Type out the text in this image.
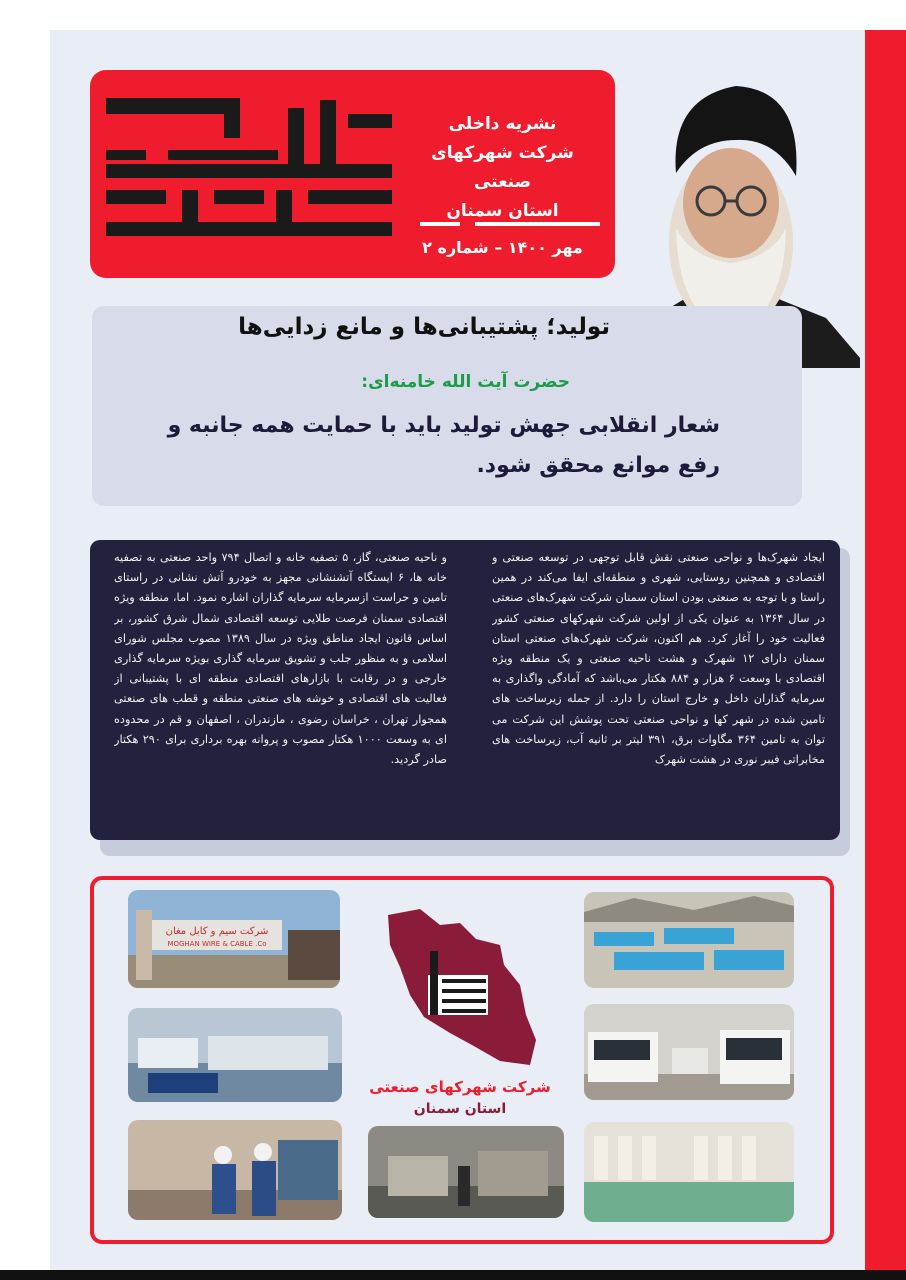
آفتاب
توسعه
نشریه داخلی
شرکت شهرکهای صنعتی
استان سمنان
مهر ۱۴۰۰ – شماره ۲
تولید؛ پشتیبانی‌ها و مانع زدایی‌ها
حضرت آیت الله خامنه‌ای:
شعار انقلابی جهش تولید باید با حمایت همه جانبه و رفع موانع محقق شود.
ایجاد شهرک‌ها و نواحی صنعتی نقش قابل توجهی در توسعه صنعتی و اقتصادی و همچنین روستایی، شهری و منطقه‌ای ایفا می‌کند در همین راستا و با توجه به صنعتی بودن استان سمنان شرکت شهرک‌های صنعتی در سال ۱۳۶۴ به عنوان یکی از اولین شرکت شهرکهای صنعتی کشور فعالیت خود را آغاز کرد. هم اکنون، شرکت شهرک‌های صنعتی استان سمنان دارای ۱۲ شهرک و هشت ناحیه صنعتی و یک منطقه ویژه اقتصادی با وسعت ۶ هزار و ۸۸۴ هکتار می‌باشد که آمادگی واگذاری به سرمایه گذاران داخل و خارج استان را دارد. از جمله زیرساخت های تامین شده در شهر کها و نواحی صنعتی تحت پوشش این شرکت می توان به تامین ۳۶۴ مگاوات برق، ۳۹۱ لیتر بر ثانیه آب، زیرساخت های مخابراتی فیبر نوری در هشت شهرک
و ناحیه صنعتی، گاز، ۵ تصفیه خانه و اتصال ۷۹۴ واحد صنعتی به تصفیه خانه ها، ۶ ایستگاه آتشنشانی مجهز به خودرو آتش نشانی در راستای تامین و حراست ازسرمایه سرمایه گذاران اشاره نمود. اما، منطقه ویژه اقتصادی سمنان فرصت طلایی توسعه اقتصادی شمال شرق کشور، بر اساس قانون ایجاد مناطق ویژه در سال ۱۳۸۹ مصوب مجلس شورای اسلامی و به منظور جلب و تشویق سرمایه گذاری بویژه سرمایه گذاری خارجی و در رقابت با بازارهای اقتصادی منطقه ای با پشتیبانی از فعالیت های اقتصادی و خوشه های صنعتی منطقه و قطب های صنعتی همجوار تهران ، خراسان رضوی ، مازندران ، اصفهان و قم در محدوده ای به وسعت ۱۰۰۰ هکتار مصوب و پروانه بهره برداری برای ۲۹۰ هکتار صادر گردید.
شرکت سیم و کابل مغان
MOGHAN WIRE & CABLE .Co
شرکت شهرکهای صنعتی
استان سمنان
